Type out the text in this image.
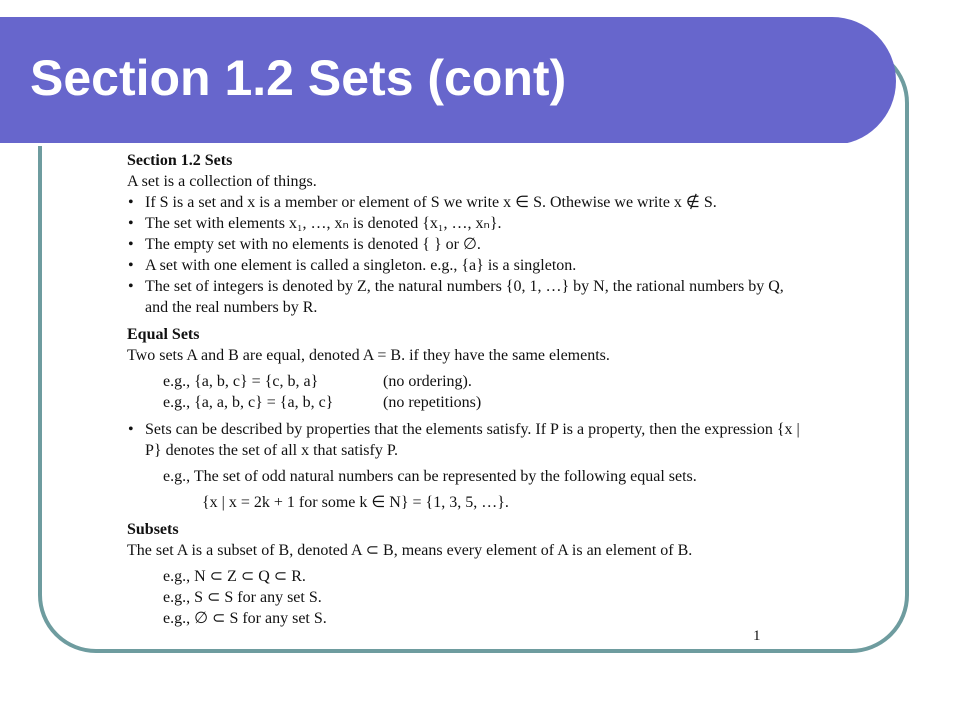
Section 1.2 Sets (cont)

Section 1.2 Sets

A set is a collection of things.

• If S is a set and x is a member or element of S we write x ∈ S. Othewise we write x ∉ S.
• The set with elements x₁, …, xₙ is denoted {x₁, …, xₙ}.
• The empty set with no elements is denoted { } or ∅.
• A set with one element is called a singleton. e.g., {a} is a singleton.
• The set of integers is denoted by Z, the natural numbers {0, 1, …} by N, the rational numbers by Q, and the real numbers by R.

Equal Sets

Two sets A and B are equal, denoted A = B. if they have the same elements.

e.g., {a, b, c} = {c, b, a}	(no ordering).
e.g., {a, a, b, c} = {a, b, c}	(no repetitions)
• Sets can be described by properties that the elements satisfy. If P is a property, then the expression {x | P} denotes the set of all x that satisfy P.

e.g., The set of odd natural numbers can be represented by the following equal sets.

{x | x = 2k + 1 for some k ∈ N} = {1, 3, 5, …}.

Subsets

The set A is a subset of B, denoted A ⊂ B, means every element of A is an element of B.

e.g., N ⊂ Z ⊂ Q ⊂ R.

e.g., S ⊂ S for any set S.

e.g., ∅ ⊂ S for any set S.

1
